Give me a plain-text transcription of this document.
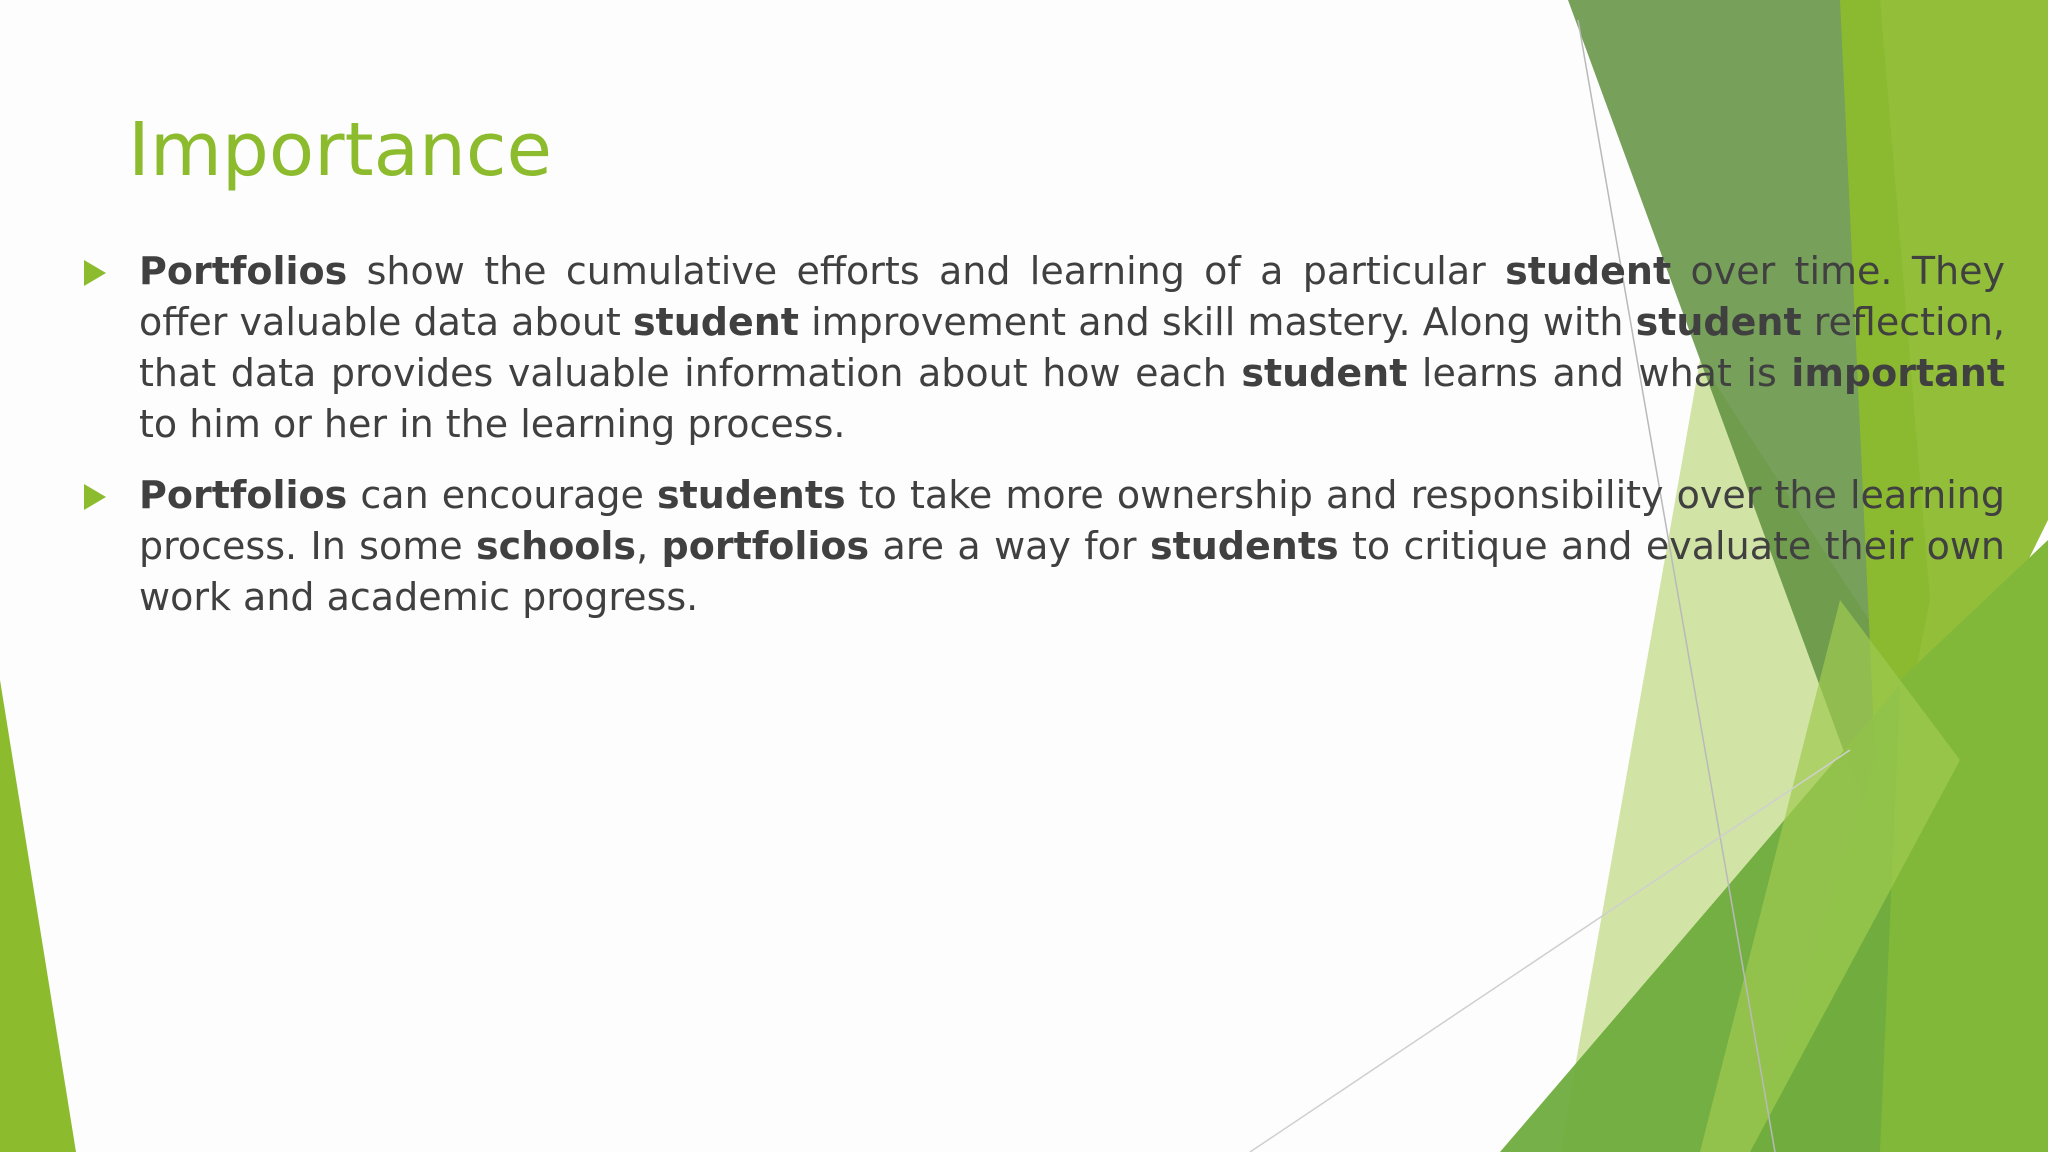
Importance
Portfolios show the cumulative efforts and learning of a particular student over time. They offer valuable data about student improvement and skill mastery. Along with student reflection, that data provides valuable information about how each student learns and what is important to him or her in the learning process.
Portfolios can encourage students to take more ownership and responsibility over the learning process. In some schools, portfolios are a way for students to critique and evaluate their own work and academic progress.
